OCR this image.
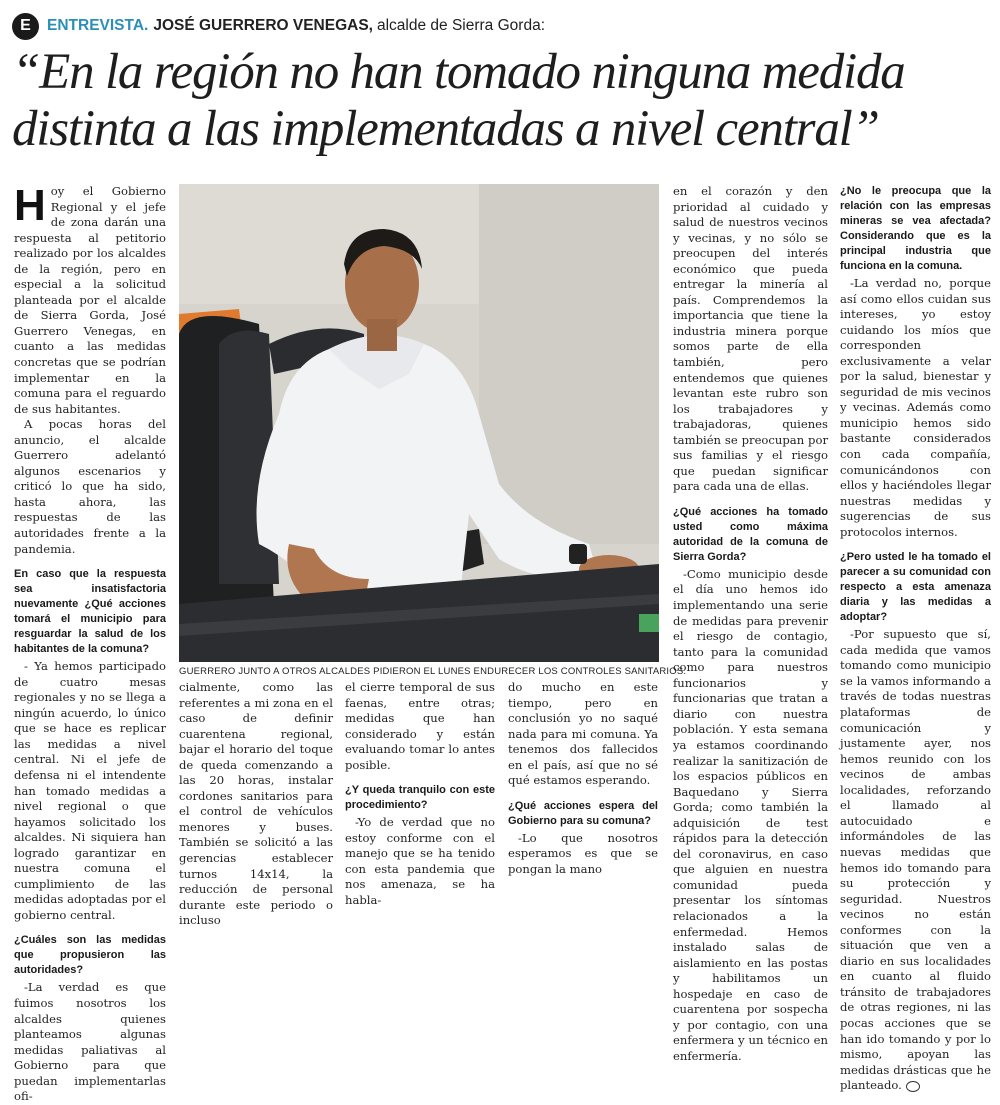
E	ENTREVISTA. JOSÉ GUERRERO VENEGAS, alcalde de Sierra Gorda:
“En la región no han tomado ninguna medida
distinta a las implementadas a nivel central”

Hoy el Gobierno Regional y el jefe de zona darán una respuesta al petitorio realizado por los alcaldes de la región, pero en especial a la solicitud planteada por el alcalde de Sierra Gorda, José Guerrero Venegas, en cuanto a las medidas concretas que se podrían implementar en la comuna para el reguardo de sus habitantes.

A pocas horas del anuncio, el alcalde Guerrero adelantó algunos escenarios y criticó lo que ha sido, hasta ahora, las respuestas de las autoridades frente a la pandemia.

En caso que la respuesta sea insatisfactoria nuevamente ¿Qué acciones tomará el municipio para resguardar la salud de los habitantes de la comuna?

- Ya hemos participado de cuatro mesas regionales y no se llega a ningún acuerdo, lo único que se hace es replicar las medidas a nivel central. Ni el jefe de defensa ni el intendente han tomado medidas a nivel regional o que hayamos solicitado los alcaldes. Ni siquiera han logrado garantizar en nuestra comuna el cumplimiento de las medidas adoptadas por el gobierno central.

¿Cuáles son las medidas que propusieron las autoridades?

-La verdad es que fuimos nosotros los alcaldes quienes planteamos algunas medidas paliativas al Gobierno para que puedan implementarlas ofi-

GUERRERO JUNTO A OTROS ALCALDES PIDIERON EL LUNES ENDURECER LOS CONTROLES SANITARIOS.

cialmente, como las referentes a mi zona en el caso de definir cuarentena regional, bajar el horario del toque de queda comenzando a las 20 horas, instalar cordones sanitarios para el control de vehículos menores y buses. También se solicitó a las gerencias establecer turnos 14x14, la reducción de personal durante este periodo o incluso

el cierre temporal de sus faenas, entre otras; medidas que han considerado y están evaluando tomar lo antes posible.

¿Y queda tranquilo con este procedimiento?

-Yo de verdad que no estoy conforme con el manejo que se ha tenido con esta pandemia que nos amenaza, se ha habla-

do mucho en este tiempo, pero en conclusión yo no saqué nada para mi comuna. Ya tenemos dos fallecidos en el país, así que no sé qué estamos esperando.

¿Qué acciones espera del Gobierno para su comuna?

-Lo que nosotros esperamos es que se pongan la mano

en el corazón y den prioridad al cuidado y salud de nuestros vecinos y vecinas, y no sólo se preocupen del interés económico que pueda entregar la minería al país. Comprendemos la importancia que tiene la industria minera porque somos parte de ella también, pero entendemos que quienes levantan este rubro son los trabajadores y trabajadoras, quienes también se preocupan por sus familias y el riesgo que puedan significar para cada una de ellas.

¿Qué acciones ha tomado usted como máxima autoridad de la comuna de Sierra Gorda?

-Como municipio desde el día uno hemos ido implementando una serie de medidas para prevenir el riesgo de contagio, tanto para la comunidad como para nuestros funcionarios y funcionarias que tratan a diario con nuestra población. Y esta semana ya estamos coordinando realizar la sanitización de los espacios públicos en Baquedano y Sierra Gorda; como también la adquisición de test rápidos para la detección del coronavirus, en caso que alguien en nuestra comunidad pueda presentar los síntomas relacionados a la enfermedad. Hemos instalado salas de aislamiento en las postas y habilitamos un hospedaje en caso de cuarentena por sospecha y por contagio, con una enfermera y un técnico en enfermería.

¿No le preocupa que la relación con las empresas mineras se vea afectada? Considerando que es la principal industria que funciona en la comuna.

-La verdad no, porque así como ellos cuidan sus intereses, yo estoy cuidando los míos que corresponden exclusivamente a velar por la salud, bienestar y seguridad de mis vecinos y vecinas. Además como municipio hemos sido bastante considerados con cada compañía, comunicándonos con ellos y haciéndoles llegar nuestras medidas y sugerencias de sus protocolos internos.

¿Pero usted le ha tomado el parecer a su comunidad con respecto a esta amenaza diaria y las medidas a adoptar?

-Por supuesto que sí, cada medida que vamos tomando como municipio se la vamos informando a través de todas nuestras plataformas de comunicación y justamente ayer, nos hemos reunido con los vecinos de ambas localidades, reforzando el llamado al autocuidado e informándoles de las nuevas medidas que hemos ido tomando para su protección y seguridad. Nuestros vecinos no están conformes con la situación que ven a diario en sus localidades en cuanto al fluido tránsito de trabajadores de otras regiones, ni las pocas acciones que se han ido tomando y por lo mismo, apoyan las medidas drásticas que he planteado.
